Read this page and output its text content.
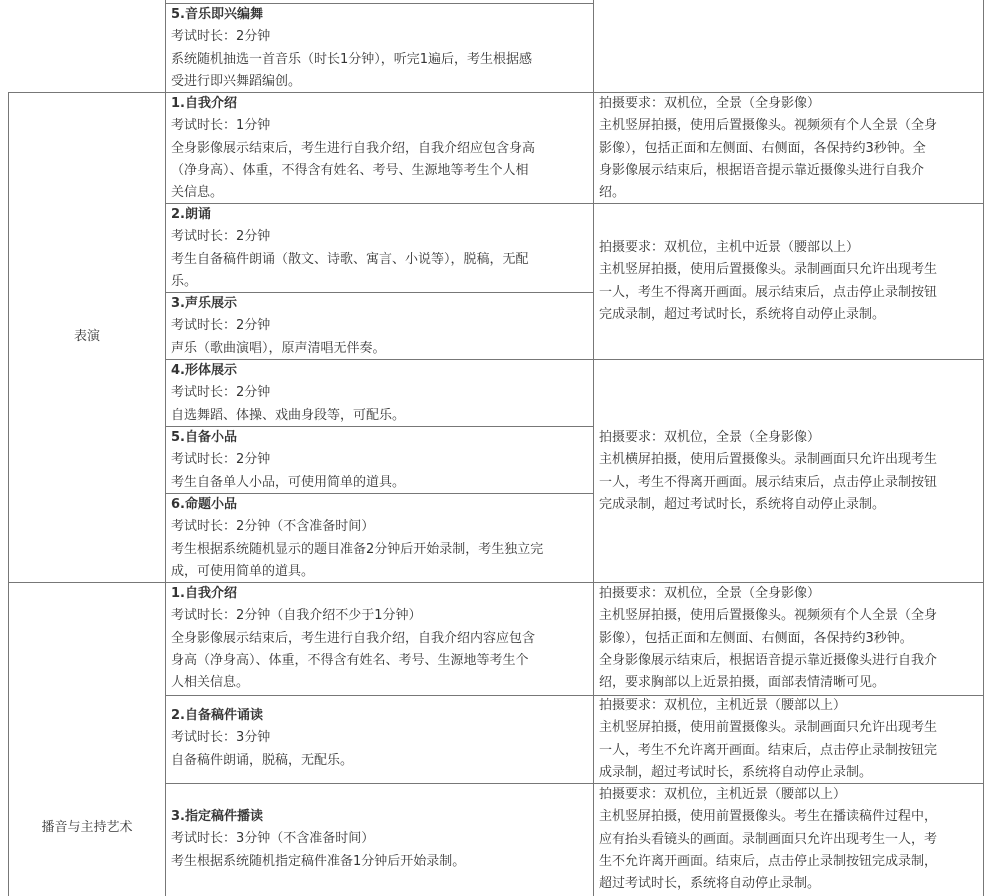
5.音乐即兴编舞
考试时长：2分钟
系统随机抽选一首音乐（时长1分钟），听完1遍后，考生根据感
受进行即兴舞蹈编创。
表演
1.自我介绍
考试时长：1分钟
全身影像展示结束后，考生进行自我介绍，自我介绍应包含身高
（净身高）、体重，不得含有姓名、考号、生源地等考生个人相
关信息。
2.朗诵
考试时长：2分钟
考生自备稿件朗诵（散文、诗歌、寓言、小说等），脱稿，无配
乐。
3.声乐展示
考试时长：2分钟
声乐（歌曲演唱），原声清唱无伴奏。
4.形体展示
考试时长：2分钟
自选舞蹈、体操、戏曲身段等，可配乐。
5.自备小品
考试时长：2分钟
考生自备单人小品，可使用简单的道具。
6.命题小品
考试时长：2分钟（不含准备时间）
考生根据系统随机显示的题目准备2分钟后开始录制，考生独立完
成，可使用简单的道具。
拍摄要求：双机位，全景（全身影像）
主机竖屏拍摄，使用后置摄像头。视频须有个人全景（全身
影像），包括正面和左侧面、右侧面，各保持约3秒钟。全
身影像展示结束后，根据语音提示靠近摄像头进行自我介
绍。
拍摄要求：双机位，主机中近景（腰部以上）
主机竖屏拍摄，使用后置摄像头。录制画面只允许出现考生
一人，考生不得离开画面。展示结束后，点击停止录制按钮
完成录制，超过考试时长，系统将自动停止录制。
拍摄要求：双机位，全景（全身影像）
主机横屏拍摄，使用后置摄像头。录制画面只允许出现考生
一人，考生不得离开画面。展示结束后，点击停止录制按钮
完成录制，超过考试时长，系统将自动停止录制。
播音与主持艺术
1.自我介绍
考试时长：2分钟（自我介绍不少于1分钟）
全身影像展示结束后，考生进行自我介绍，自我介绍内容应包含
身高（净身高）、体重，不得含有姓名、考号、生源地等考生个
人相关信息。
2.自备稿件诵读
考试时长：3分钟
自备稿件朗诵，脱稿，无配乐。
3.指定稿件播读
考试时长：3分钟（不含准备时间）
考生根据系统随机指定稿件准备1分钟后开始录制。
拍摄要求：双机位，全景（全身影像）
主机竖屏拍摄，使用后置摄像头。视频须有个人全景（全身
影像），包括正面和左侧面、右侧面，各保持约3秒钟。
全身影像展示结束后，根据语音提示靠近摄像头进行自我介
绍，要求胸部以上近景拍摄，面部表情清晰可见。
拍摄要求：双机位，主机近景（腰部以上）
主机竖屏拍摄，使用前置摄像头。录制画面只允许出现考生
一人，考生不允许离开画面。结束后，点击停止录制按钮完
成录制，超过考试时长，系统将自动停止录制。
拍摄要求：双机位，主机近景（腰部以上）
主机竖屏拍摄，使用前置摄像头。考生在播读稿件过程中，
应有抬头看镜头的画面。录制画面只允许出现考生一人，考
生不允许离开画面。结束后，点击停止录制按钮完成录制，
超过考试时长，系统将自动停止录制。
